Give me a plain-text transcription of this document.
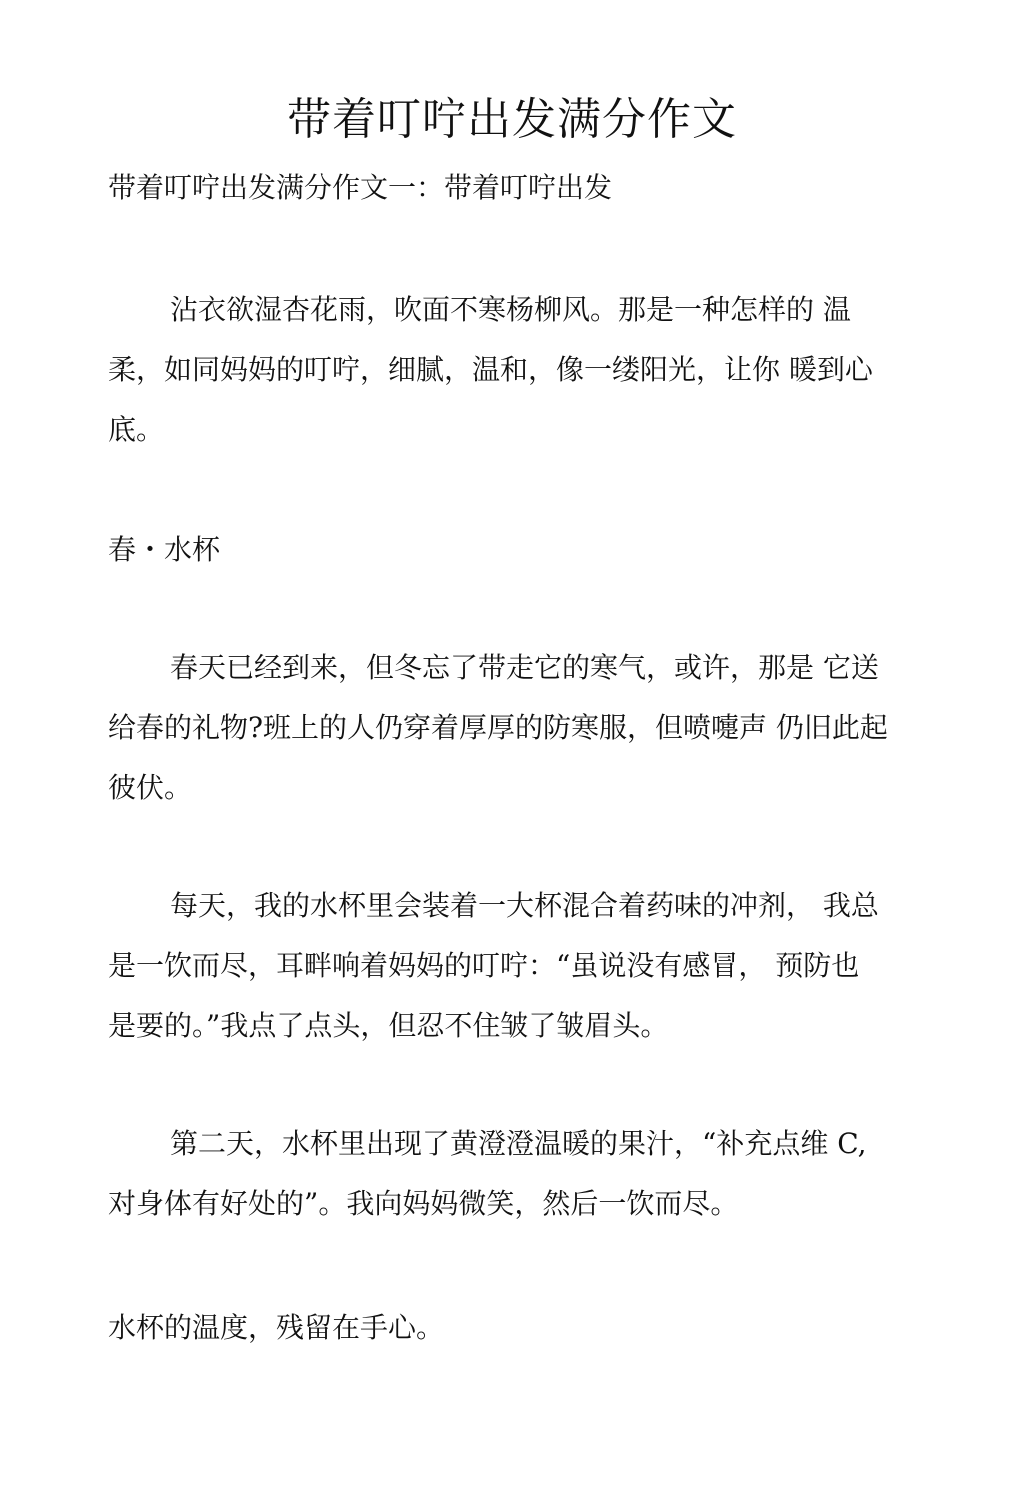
带着叮咛出发满分作文

带着叮咛出发满分作文一：带着叮咛出发

沾衣欲湿杏花雨，吹面不寒杨柳风。那是一种怎样的 温

柔，如同妈妈的叮咛，细腻，温和，像一缕阳光，让你 暖到心

底。

春・水杯

春天已经到来，但冬忘了带走它的寒气，或许，那是 它送

给春的礼物?班上的人仍穿着厚厚的防寒服，但喷嚏声 仍旧此起

彼伏。

每天，我的水杯里会装着一大杯混合着药味的冲剂， 我总

是一饮而尽，耳畔响着妈妈的叮咛：“虽说没有感冒， 预防也

是要的。”我点了点头，但忍不住皱了皱眉头。

第二天，水杯里出现了黄澄澄温暖的果汁，“补充点维 C,

对身体有好处的”。我向妈妈微笑，然后一饮而尽。

水杯的温度，残留在手心。
